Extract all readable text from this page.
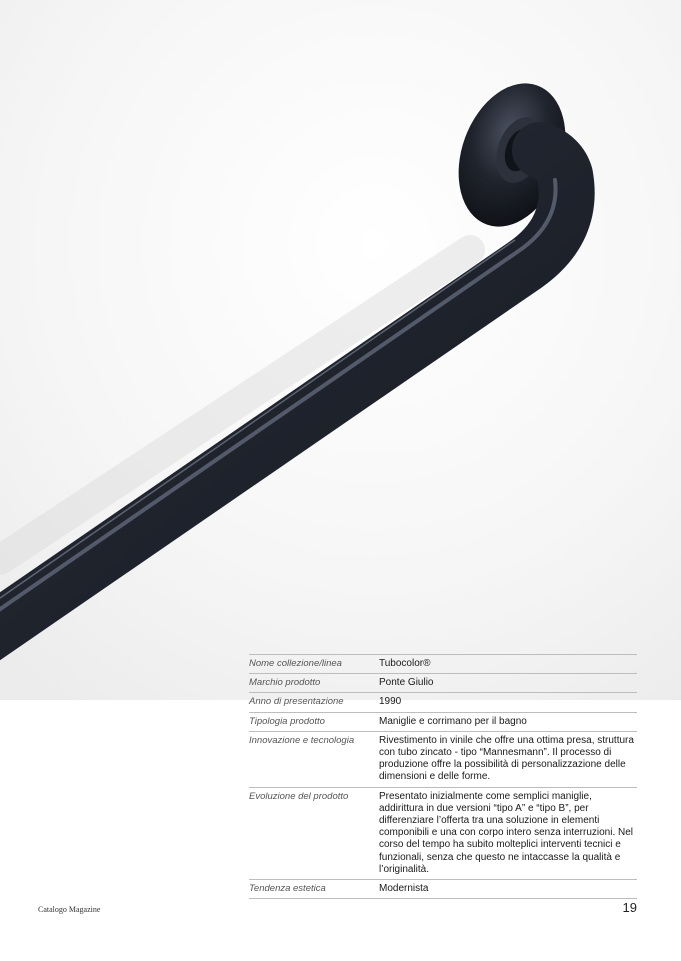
Nome collezione/linea	Tubocolor®
Marchio prodotto	Ponte Giulio
Anno di presentazione	1990
Tipologia prodotto	Maniglie e corrimano per il bagno
Innovazione e tecnologia	Rivestimento in vinile che offre una ottima presa, struttura con tubo zincato - tipo “Mannesmann”. Il processo di produzione offre la possibilità di personalizzazione delle dimensioni e delle forme.
Evoluzione del prodotto	Presentato inizialmente come semplici maniglie, addirittura in due versioni “tipo A” e “tipo B”, per differenziare l’offerta tra una soluzione in elementi componibili e una con corpo intero senza interruzioni. Nel corso del tempo ha subito molteplici interventi tecnici e funzionali, senza che questo ne intaccasse la qualità e l’originalità.
Tendenza estetica	Modernista
Catalogo Magazine	19
